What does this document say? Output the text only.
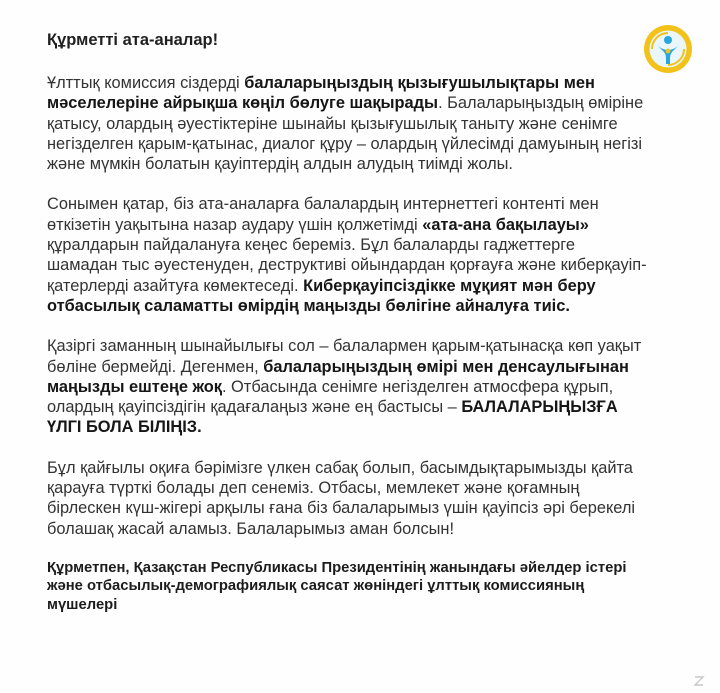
Құрметті ата-аналар!

Ұлттық комиссия сіздерді балаларыңыздың қызығушылықтары мен мәселелеріне айрықша көңіл бөлуге шақырады. Балаларыңыздың өміріне қатысу, олардың әуестіктеріне шынайы қызығушылық таныту және сенімге негізделген қарым-қатынас, диалог құру – олардың үйлесімді дамуының негізі және мүмкін болатын қауіптердің алдын алудың тиімді жолы.

Сонымен қатар, біз ата-аналарға балалардың интернеттегі контенті мен өткізетін уақытына назар аудару үшін қолжетімді «ата-ана бақылауы» құралдарын пайдалануға кеңес береміз. Бұл балаларды гаджеттерге шамадан тыс әуестенуден, деструктиві ойындардан қорғауға және киберқауіп-қатерлерді азайтуға көмектеседі. Киберқауіпсіздікке мұқият мән беру отбасылық саламатты өмірдің маңызды бөлігіне айналуға тиіс.

Қазіргі заманның шынайылығы сол – балалармен қарым-қатынасқа көп уақыт бөліне бермейді. Дегенмен, балаларыңыздың өмірі мен денсаулығынан маңызды ештеңе жоқ. Отбасында сенімге негізделген атмосфера құрып, олардың қауіпсіздігін қадағалаңыз және ең бастысы – БАЛАЛАРЫҢЫЗҒА ҮЛГІ БОЛА БІЛІҢІЗ.

Бұл қайғылы оқиға бәрімізге үлкен сабақ болып, басымдықтарымызды қайта қарауға түрткі болады деп сенеміз. Отбасы, мемлекет және қоғамның бірлескен күш-жігері арқылы ғана біз балаларымыз үшін қауіпсіз әрі берекелі болашақ жасай аламыз. Балаларымыз аман болсын!

Құрметпен, Қазақстан Республикасы Президентінің жанындағы әйелдер істері және отбасылық-демографиялық саясат жөніндегі ұлттық комиссияның мүшелері
